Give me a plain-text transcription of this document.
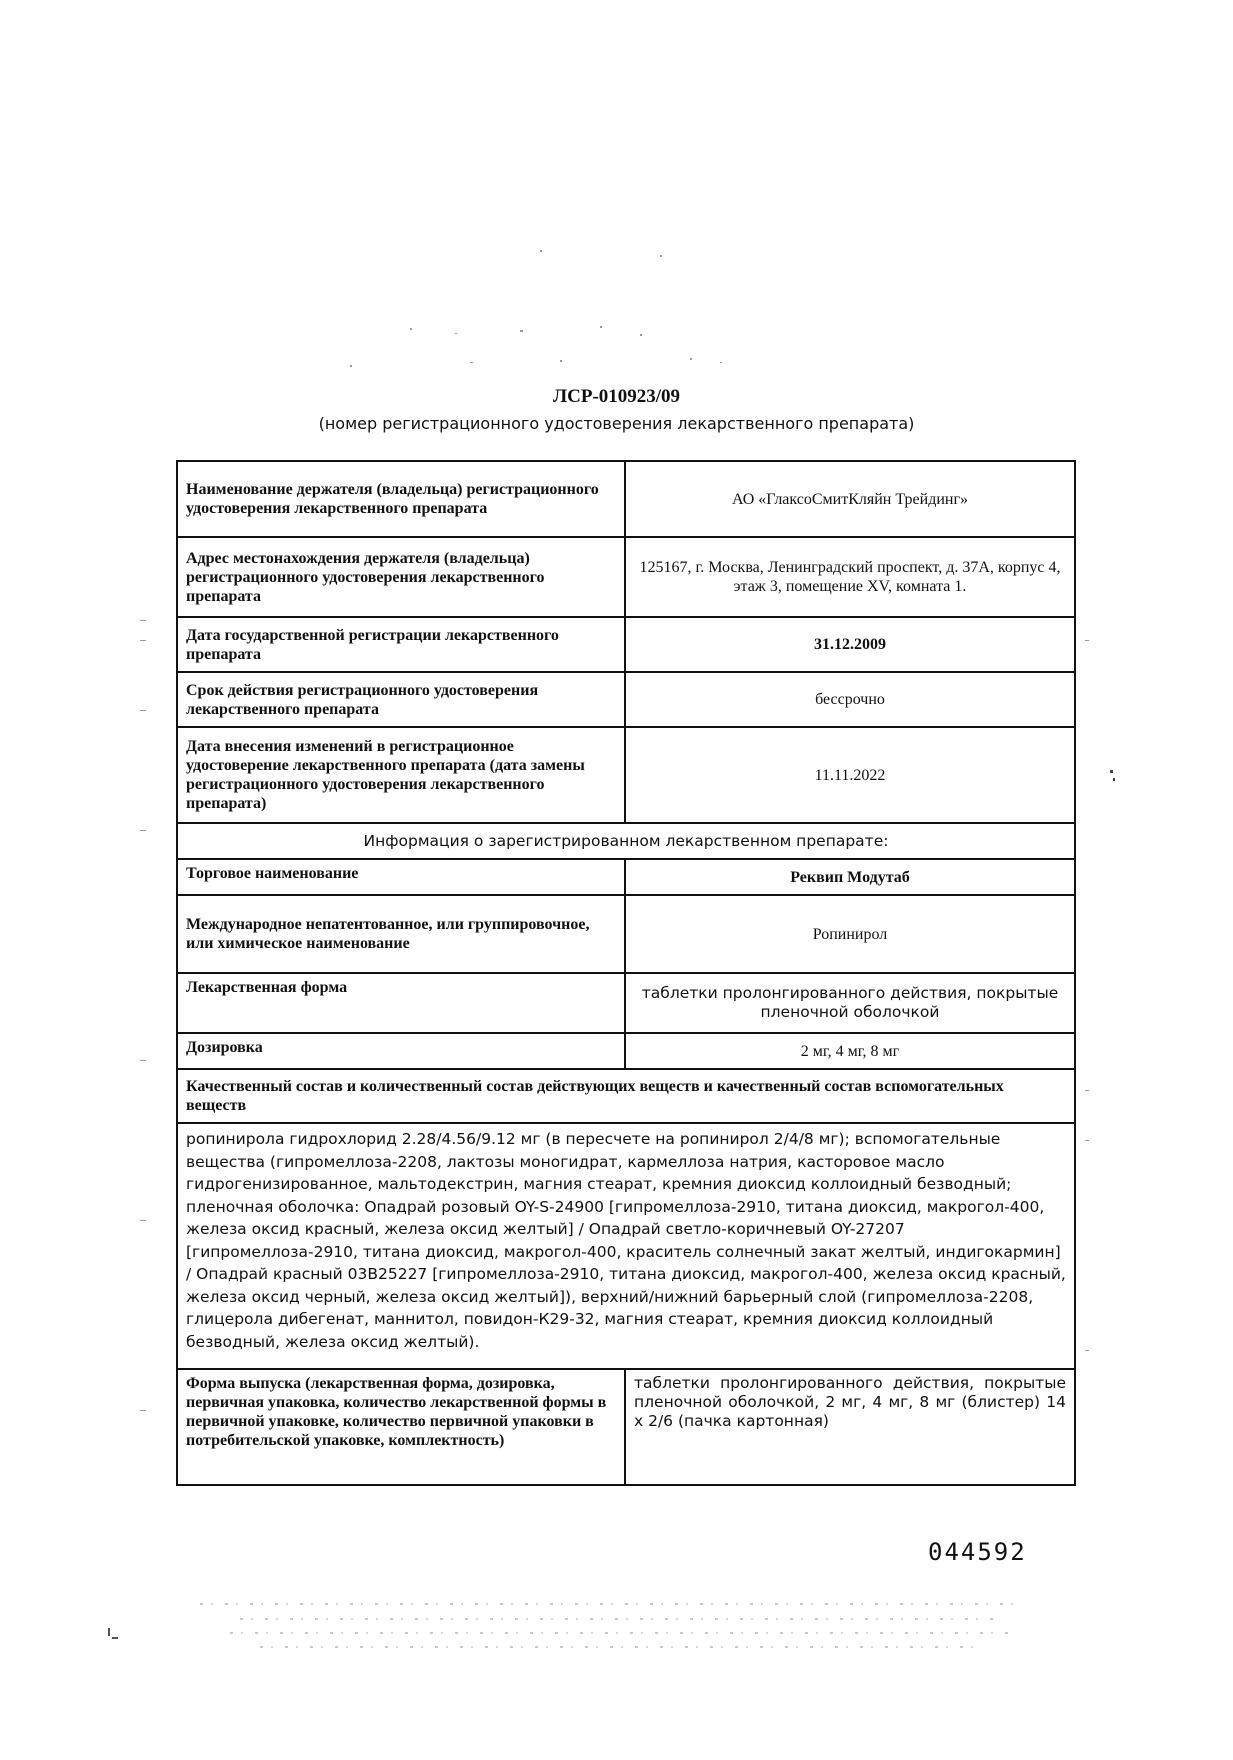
ЛСР-010923/09
(номер регистрационного удостоверения лекарственного препарата)
Наименование держателя (владельца) регистрационного удостоверения лекарственного препарата	АО «ГлаксоСмитКляйн Трейдинг»
Адрес местонахождения держателя (владельца) регистрационного удостоверения лекарственного препарата	125167, г. Москва, Ленинградский проспект, д. 37А, корпус 4, этаж 3, помещение XV, комната 1.
Дата государственной регистрации лекарственного препарата	31.12.2009
Срок действия регистрационного удостоверения лекарственного препарата	бессрочно
Дата внесения изменений в регистрационное удостоверение лекарственного препарата (дата замены регистрационного удостоверения лекарственного препарата)	11.11.2022
Информация о зарегистрированном лекарственном препарате:	
Торговое наименование	Реквип Модутаб
Международное непатентованное, или группировочное, или химическое наименование	Ропинирол
Лекарственная форма	таблетки пролонгированного действия, покрытые пленочной оболочкой
Дозировка	2 мг, 4 мг, 8 мг
Качественный состав и количественный состав действующих веществ и качественный состав вспомогательных веществ	
ропинирола гидрохлорид 2.28/4.56/9.12 мг (в пересчете на ропинирол 2/4/8 мг); вспомогательные вещества (гипромеллоза-2208, лактозы моногидрат, кармеллоза натрия, касторовое масло гидрогенизированное, мальтодекстрин, магния стеарат, кремния диоксид коллоидный безводный; пленочная оболочка: Опадрай розовый OY-S-24900 [гипромеллоза-2910, титана диоксид, макрогол-400, железа оксид красный, железа оксид желтый] / Опадрай светло-коричневый OY-27207 [гипромеллоза-2910, титана диоксид, макрогол-400, краситель солнечный закат желтый, индигокармин] / Опадрай красный 03B25227 [гипромеллоза-2910, титана диоксид, макрогол-400, железа оксид красный, железа оксид черный, железа оксид желтый]), верхний/нижний барьерный слой (гипромеллоза-2208, глицерола дибегенат, маннитол, повидон-К29-32, магния стеарат, кремния диоксид коллоидный безводный, железа оксид желтый).	
Форма выпуска (лекарственная форма, дозировка, первичная упаковка, количество лекарственной формы в первичной упаковке, количество первичной упаковки в потребительской упаковке, комплектность)	таблетки пролонгированного действия, покрытые пленочной оболочкой, 2 мг, 4 мг, 8 мг (блистер) 14 х 2/6 (пачка картонная)
044592
